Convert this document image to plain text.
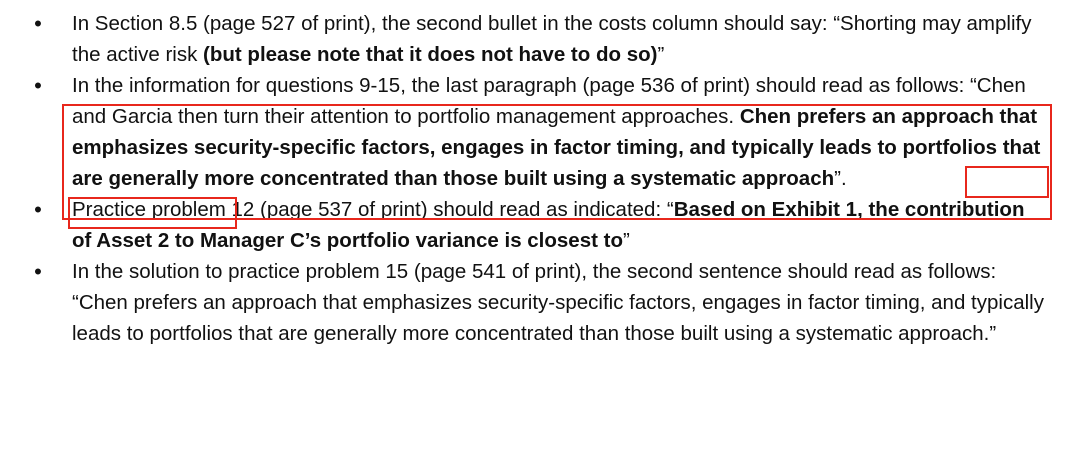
• In Section 8.5 (page 527 of print), the second bullet in the costs column should say: “Shorting may amplify the active risk (but please note that it does not have to do so)”

• In the information for questions 9-15, the last paragraph (page 536 of print) should read as follows: “Chen and Garcia then turn their attention to portfolio management approaches. Chen prefers an approach that emphasizes security-specific factors, engages in factor timing, and typically leads to portfolios that are generally more concentrated than those built using a systematic approach”.

• Practice problem 12 (page 537 of print) should read as indicated: “Based on Exhibit 1, the contribution of Asset 2 to Manager C’s portfolio variance is closest to”

• In the solution to practice problem 15 (page 541 of print), the second sentence should read as follows: “Chen prefers an approach that emphasizes security-specific factors, engages in factor timing, and typically leads to portfolios that are generally more concentrated than those built using a systematic approach.”
